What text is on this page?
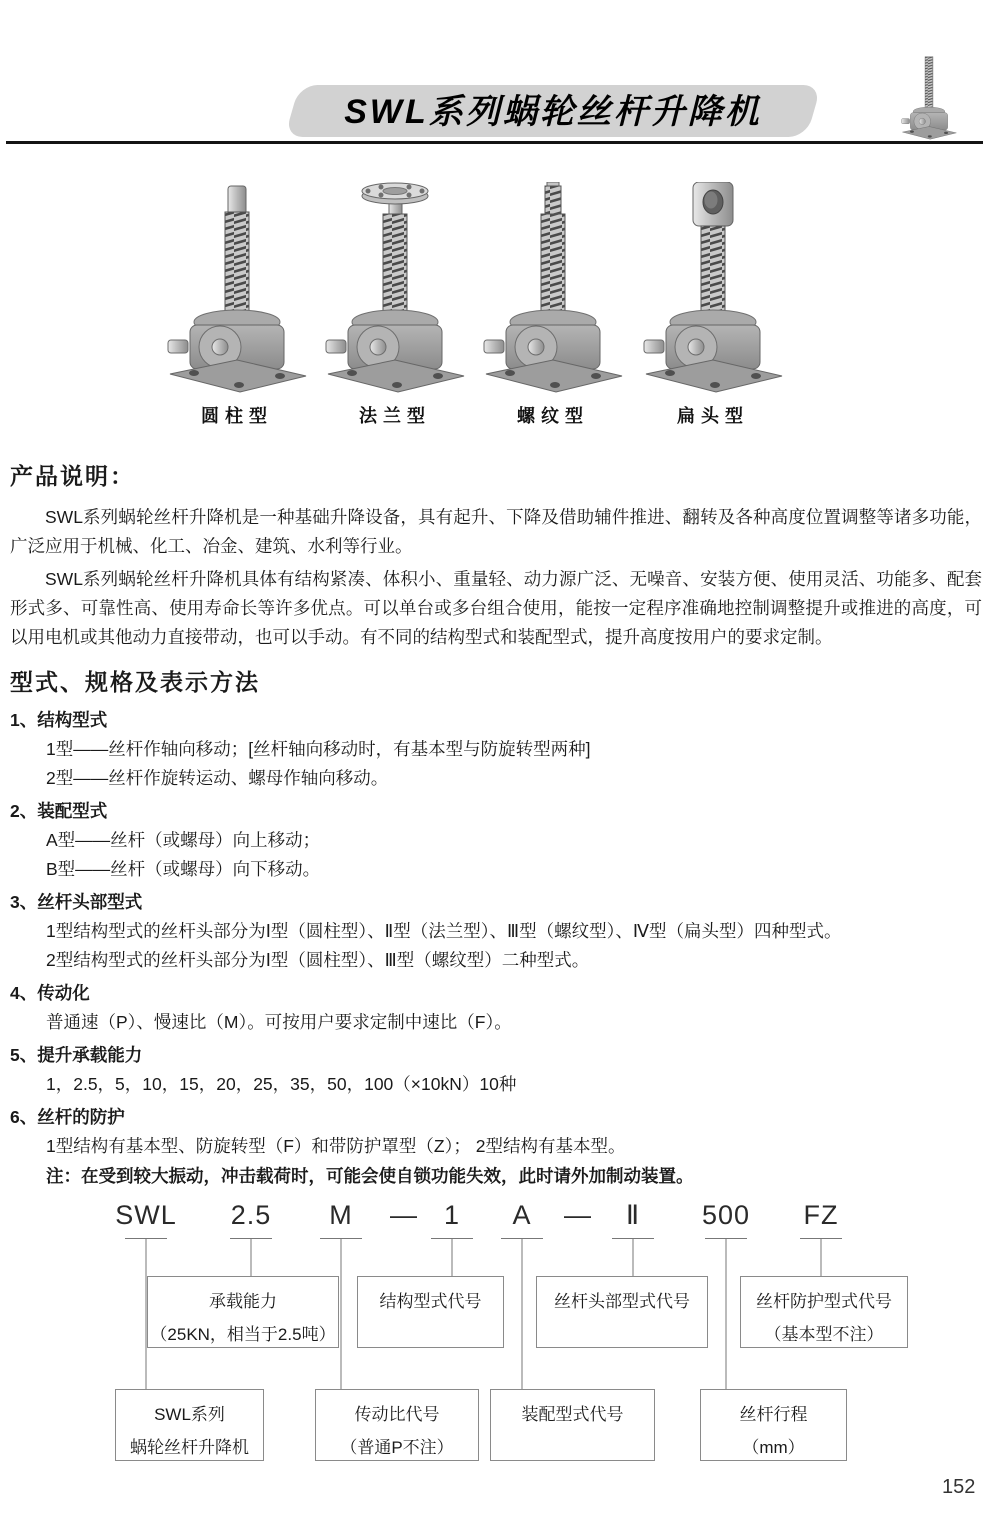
SWL系列蜗轮丝杆升降机
圆柱型	法兰型	螺纹型	扁头型
产品说明：

SWL系列蜗轮丝杆升降机是一种基础升降设备，具有起升、下降及借助辅件推进、翻转及各种高度位置调整等诸多功能，广泛应用于机械、化工、冶金、建筑、水利等行业。

SWL系列蜗轮丝杆升降机具体有结构紧凑、体积小、重量轻、动力源广泛、无噪音、安装方便、使用灵活、功能多、配套形式多、可靠性高、使用寿命长等许多优点。可以单台或多台组合使用，能按一定程序准确地控制调整提升或推进的高度，可以用电机或其他动力直接带动，也可以手动。有不同的结构型式和装配型式，提升高度按用户的要求定制。

型式、规格及表示方法
1、结构型式
1型——丝杆作轴向移动；[丝杆轴向移动时，有基本型与防旋转型两种]
2型——丝杆作旋转运动、螺母作轴向移动。
2、装配型式
A型——丝杆（或螺母）向上移动；
B型——丝杆（或螺母）向下移动。
3、丝杆头部型式
1型结构型式的丝杆头部分为Ⅰ型（圆柱型）、Ⅱ型（法兰型）、Ⅲ型（螺纹型）、Ⅳ型（扁头型）四种型式。
2型结构型式的丝杆头部分为Ⅰ型（圆柱型）、Ⅲ型（螺纹型）二种型式。
4、传动化
普通速（P）、慢速比（M）。可按用户要求定制中速比（F）。
5、提升承载能力
1，2.5，5，10，15，20，25，35，50，100（×10kN）10种
6、丝杆的防护
1型结构有基本型、防旋转型（F）和带防护罩型（Z）； 2型结构有基本型。
注：在受到较大振动，冲击载荷时，可能会使自锁功能失效，此时请外加制动装置。
SWL 2.5 M — 1 A — Ⅱ 500 FZ
承载能力
（25KN，相当于2.5吨）
结构型式代号	丝杆头部型式代号	丝杆防护型式代号
（基本型不注）
SWL系列
蜗轮丝杆升降机
传动比代号
（普通P不注）
装配型式代号	丝杆行程
（mm）
152
